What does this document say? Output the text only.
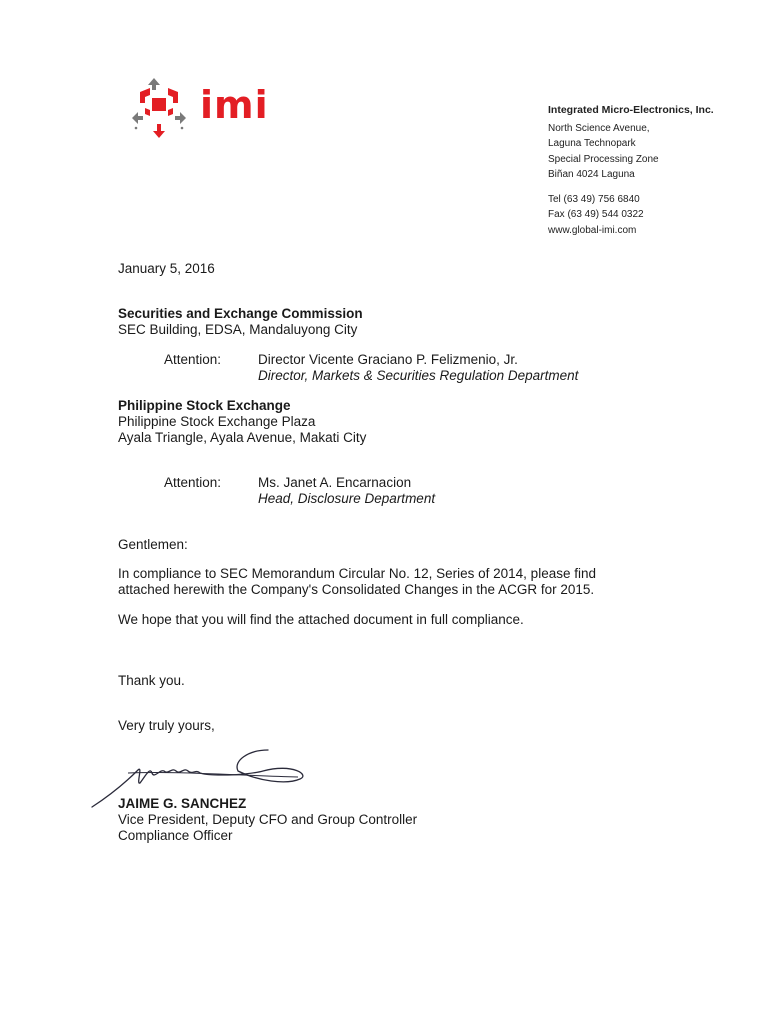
imi	Integrated Micro-Electronics, Inc.
North Science Avenue,
Laguna Technopark
Special Processing Zone
Biñan 4024 Laguna
Tel (63 49) 756 6840
Fax (63 49) 544 0322
www.global-imi.com
January 5, 2016
Securities and Exchange Commission
SEC Building, EDSA, Mandaluyong City
Attention:	Director Vicente Graciano P. Felizmenio, Jr.
Director, Markets & Securities Regulation Department
Philippine Stock Exchange
Philippine Stock Exchange Plaza
Ayala Triangle, Ayala Avenue, Makati City
Attention:	Ms. Janet A. Encarnacion
Head, Disclosure Department
Gentlemen:
In compliance to SEC Memorandum Circular No. 12, Series of 2014, please find attached herewith the Company's Consolidated Changes in the ACGR for 2015.
We hope that you will find the attached document in full compliance.
Thank you.
Very truly yours,
JAIME G. SANCHEZ
Vice President, Deputy CFO and Group Controller
Compliance Officer
